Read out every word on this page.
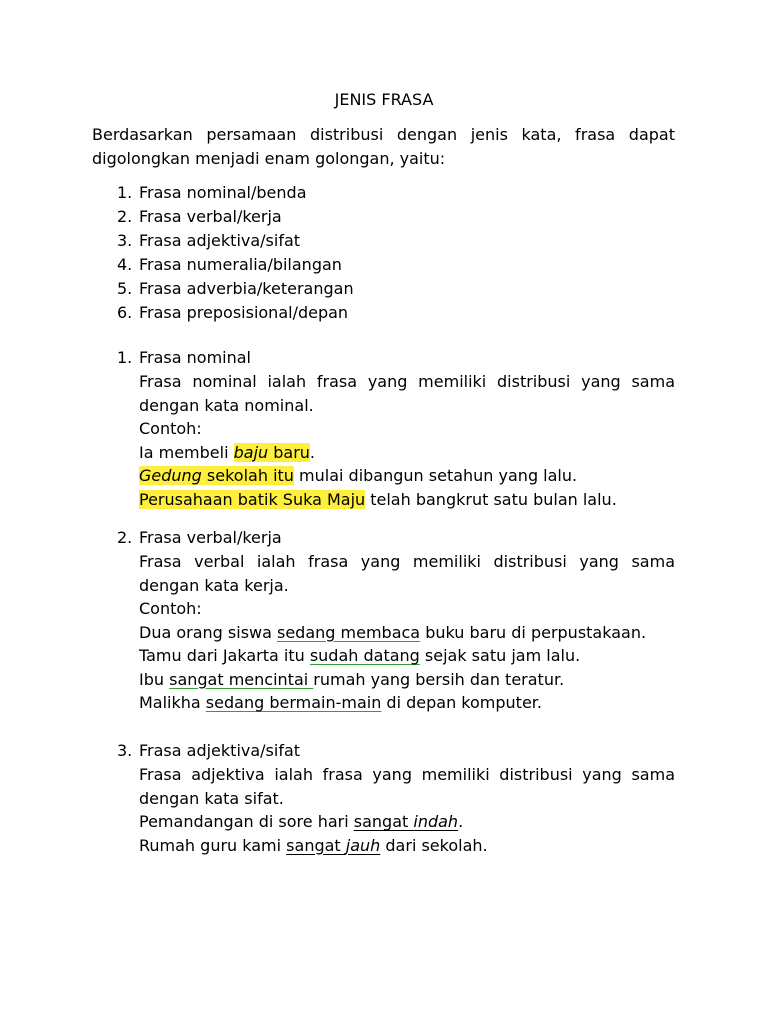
JENIS FRASA
Berdasarkan persamaan distribusi dengan jenis kata, frasa dapat digolongkan menjadi enam golongan, yaitu:
1. Frasa nominal/benda
2. Frasa verbal/kerja
3. Frasa adjektiva/sifat
4. Frasa numeralia/bilangan
5. Frasa adverbia/keterangan
6. Frasa preposisional/depan
1. Frasa nominal
Frasa nominal ialah frasa yang memiliki distribusi yang sama dengan kata nominal.
Contoh:
Ia membeli baju baru.
Gedung sekolah itu mulai dibangun setahun yang lalu.
Perusahaan batik Suka Maju telah bangkrut satu bulan lalu.
2. Frasa verbal/kerja
Frasa verbal ialah frasa yang memiliki distribusi yang sama dengan kata kerja.
Contoh:
Dua orang siswa sedang membaca buku baru di perpustakaan.
Tamu dari Jakarta itu sudah datang sejak satu jam lalu.
Ibu sangat mencintai rumah yang bersih dan teratur.
Malikha sedang bermain-main di depan komputer.
3. Frasa adjektiva/sifat
Frasa adjektiva ialah frasa yang memiliki distribusi yang sama dengan kata sifat.
Pemandangan di sore hari sangat indah.
Rumah guru kami sangat jauh dari sekolah.
